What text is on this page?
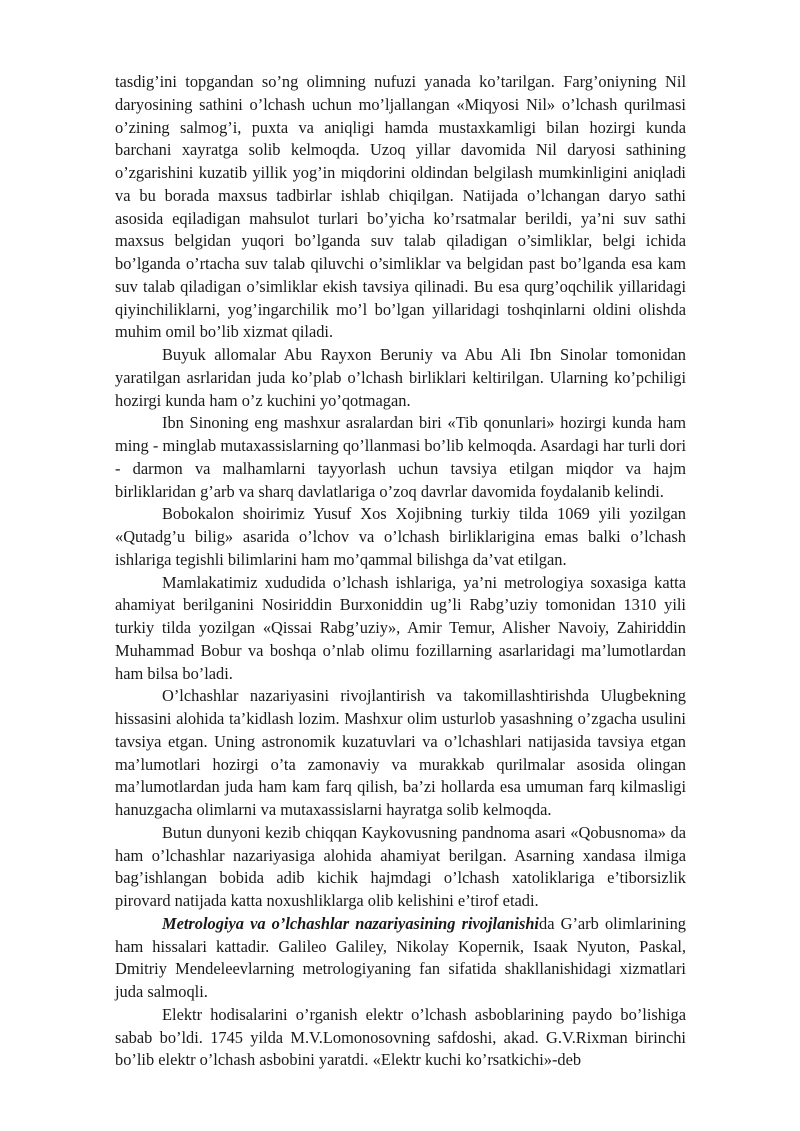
tasdig’ini topgandan so’ng olimning nufuzi yanada ko’tarilgan. Farg’oniyning Nil daryosining sathini o’lchash uchun mo’ljallangan «Miqyosi Nil» o’lchash qurilmasi o’zining salmog’i, puxta va aniqligi hamda mustaxkamligi bilan hozirgi kunda barchani xayratga solib kelmoqda. Uzoq yillar davomida Nil daryosi sathining o’zgarishini kuzatib yillik yog’in miqdorini oldindan belgilash mumkinligini aniqladi va bu borada maxsus tadbirlar ishlab chiqilgan. Natijada o’lchangan daryo sathi asosida eqiladigan mahsulot turlari bo’yicha ko’rsatmalar berildi, ya’ni suv sathi maxsus belgidan yuqori bo’lganda suv talab qiladigan o’simliklar, belgi ichida bo’lganda o’rtacha suv talab qiluvchi o’simliklar va belgidan past bo’lganda esa kam suv talab qiladigan o’simliklar ekish tavsiya qilinadi. Bu esa qurg’oqchilik yillaridagi qiyinchiliklarni, yog’ingarchilik mo’l bo’lgan yillaridagi toshqinlarni oldini olishda muhim omil bo’lib xizmat qiladi.

Buyuk allomalar Abu Rayxon Beruniy va Abu Ali Ibn Sinolar tomonidan yaratilgan asrlaridan juda ko’plab o’lchash birliklari keltirilgan. Ularning ko’pchiligi hozirgi kunda ham o’z kuchini yo’qotmagan.

Ibn Sinoning eng mashxur asralardan biri «Tib qonunlari» hozirgi kunda ham ming - minglab mutaxassislarning qo’llanmasi bo’lib kelmoqda. Asardagi har turli dori - darmon va malhamlarni tayyorlash uchun tavsiya etilgan miqdor va hajm birliklaridan g’arb va sharq davlatlariga o’zoq davrlar davomida foydalanib kelindi.

Bobokalon shoirimiz Yusuf Xos Xojibning turkiy tilda 1069 yili yozilgan «Qutadg’u bilig» asarida o’lchov va o’lchash birliklarigina emas balki o’lchash ishlariga tegishli bilimlarini ham mo’qammal bilishga da’vat etilgan.

Mamlakatimiz xududida o’lchash ishlariga, ya’ni metrologiya soxasiga katta ahamiyat berilganini Nosiriddin Burxoniddin ug’li Rabg’uziy tomonidan 1310 yili turkiy tilda yozilgan «Qissai Rabg’uziy», Amir Temur, Alisher Navoiy, Zahiriddin Muhammad Bobur va boshqa o’nlab olimu fozillarning asarlaridagi ma’lumotlardan ham bilsa bo’ladi.

O’lchashlar nazariyasini rivojlantirish va takomillashtirishda Ulugbekning hissasini alohida ta’kidlash lozim. Mashxur olim usturlob yasashning o’zgacha usulini tavsiya etgan. Uning astronomik kuzatuvlari va o’lchashlari natijasida tavsiya etgan ma’lumotlari hozirgi o’ta zamonaviy va murakkab qurilmalar asosida olingan ma’lumotlardan juda ham kam farq qilish, ba’zi hollarda esa umuman farq kilmasligi hanuzgacha olimlarni va mutaxassislarni hayratga solib kelmoqda.

Butun dunyoni kezib chiqqan Kaykovusning pandnoma asari «Qobusnoma» da ham o’lchashlar nazariyasiga alohida ahamiyat berilgan. Asarning xandasa ilmiga bag’ishlangan bobida adib kichik hajmdagi o’lchash xatoliklariga e’tiborsizlik pirovard natijada katta noxushliklarga olib kelishini e’tirof etadi.

Metrologiya va o’lchashlar nazariyasining rivojlanishida G’arb olimlarining ham hissalari kattadir. Galileo Galiley, Nikolay Kopernik, Isaak Nyuton, Paskal, Dmitriy Mendeleevlarning metrologiyaning fan sifatida shakllanishidagi xizmatlari juda salmoqli.

Elektr hodisalarini o’rganish elektr o’lchash asboblarining paydo bo’lishiga sabab bo’ldi. 1745 yilda M.V.Lomonosovning safdoshi, akad. G.V.Rixman birinchi bo’lib elektr o’lchash asbobini yaratdi. «Elektr kuchi ko’rsatkichi»-deb
